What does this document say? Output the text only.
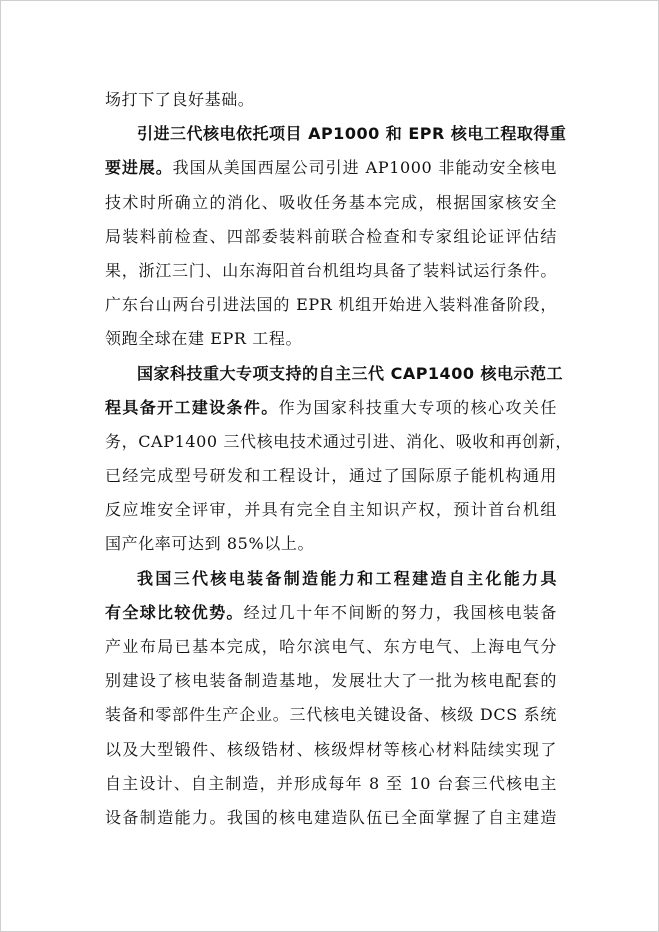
场打下了良好基础。
引进三代核电依托项目 AP1000 和 EPR 核电工程取得重
要进展。我国从美国西屋公司引进 AP1000 非能动安全核电
技术时所确立的消化、吸收任务基本完成，根据国家核安全
局装料前检查、四部委装料前联合检查和专家组论证评估结
果，浙江三门、山东海阳首台机组均具备了装料试运行条件。
广东台山两台引进法国的 EPR 机组开始进入装料准备阶段，
领跑全球在建 EPR 工程。
国家科技重大专项支持的自主三代 CAP1400 核电示范工
程具备开工建设条件。作为国家科技重大专项的核心攻关任
务，CAP1400 三代核电技术通过引进、消化、吸收和再创新，
已经完成型号研发和工程设计，通过了国际原子能机构通用
反应堆安全评审，并具有完全自主知识产权，预计首台机组
国产化率可达到 85%以上。
我国三代核电装备制造能力和工程建造自主化能力具
有全球比较优势。经过几十年不间断的努力，我国核电装备
产业布局已基本完成，哈尔滨电气、东方电气、上海电气分
别建设了核电装备制造基地，发展壮大了一批为核电配套的
装备和零部件生产企业。三代核电关键设备、核级 DCS 系统
以及大型锻件、核级锆材、核级焊材等核心材料陆续实现了
自主设计、自主制造，并形成每年 8 至 10 台套三代核电主
设备制造能力。我国的核电建造队伍已全面掌握了自主建造
